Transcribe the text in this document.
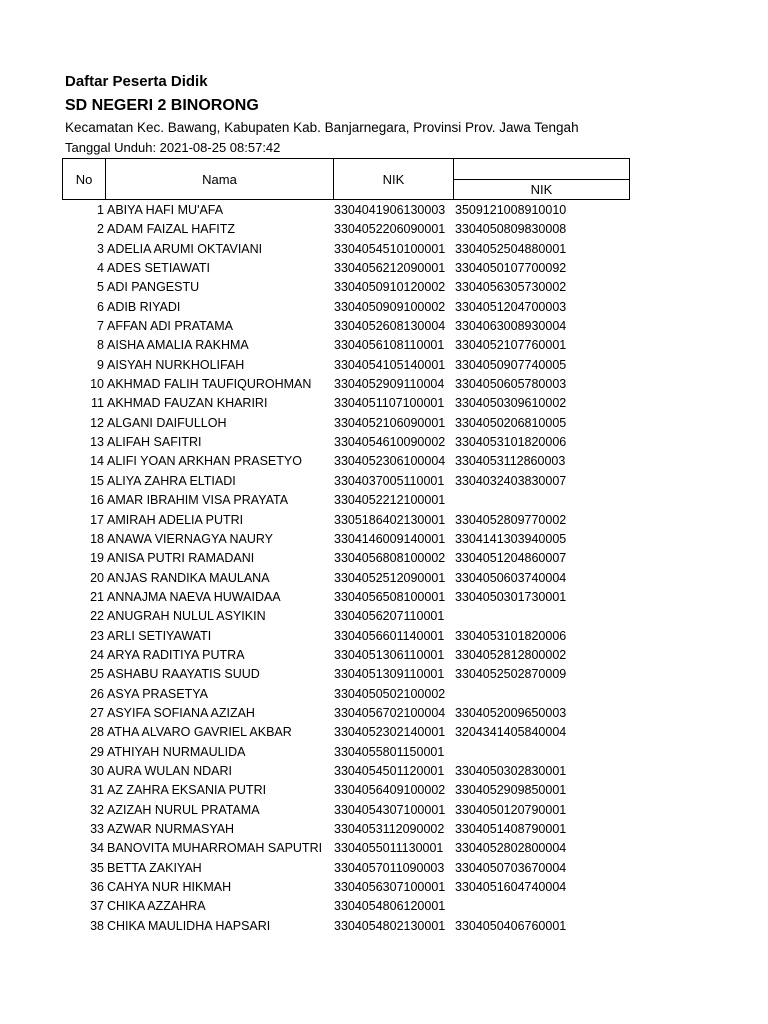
Daftar Peserta Didik
SD NEGERI 2 BINORONG
Kecamatan Kec. Bawang, Kabupaten Kab. Banjarnegara, Provinsi Prov. Jawa Tengah
Tanggal Unduh: 2021-08-25 08:57:42
No	Nama	NIK
NIK
1 ABIYA HAFI MU'AFA	3304041906130003 3509121008910010
2 ADAM FAIZAL HAFITZ	3304052206090001 3304050809830008
3 ADELIA ARUMI OKTAVIANI	3304054510100001 3304052504880001
4 ADES SETIAWATI	3304056212090001 3304050107700092
5 ADI PANGESTU	3304050910120002 3304056305730002
6 ADIB RIYADI	3304050909100002 3304051204700003
7 AFFAN ADI PRATAMA	3304052608130004 3304063008930004
8 AISHA AMALIA RAKHMA	3304056108110001 3304052107760001
9 AISYAH NURKHOLIFAH	3304054105140001 3304050907740005
10 AKHMAD FALIH TAUFIQUROHMAN 3304052909110004 3304050605780003
11 AKHMAD FAUZAN KHARIRI	3304051107100001 3304050309610002
12 ALGANI DAIFULLOH	3304052106090001 3304050206810005
13 ALIFAH SAFITRI	3304054610090002 3304053101820006
14 ALIFI YOAN ARKHAN PRASETYO	3304052306100004 3304053112860003
15 ALIYA ZAHRA ELTIADI	3304037005110001 3304032403830007
16 AMAR IBRAHIM VISA PRAYATA	3304052212100001
17 AMIRAH ADELIA PUTRI	3305186402130001 3304052809770002
18 ANAWA VIERNAGYA NAURY	3304146009140001 3304141303940005
19 ANISA PUTRI RAMADANI	3304056808100002 3304051204860007
20 ANJAS RANDIKA MAULANA	3304052512090001 3304050603740004
21 ANNAJMA NAEVA HUWAIDAA	3304056508100001 3304050301730001
22 ANUGRAH NULUL ASYIKIN	3304056207110001
23 ARLI SETIYAWATI	3304056601140001 3304053101820006
24 ARYA RADITIYA PUTRA	3304051306110001 3304052812800002
25 ASHABU RAAYATIS SUUD	3304051309110001 3304052502870009
26 ASYA PRASETYA	3304050502100002
27 ASYIFA SOFIANA AZIZAH	3304056702100004 3304052009650003
28 ATHA ALVARO GAVRIEL AKBAR	3304052302140001 3204341405840004
29 ATHIYAH NURMAULIDA	3304055801150001
30 AURA WULAN NDARI	3304054501120001 3304050302830001
31 AZ ZAHRA EKSANIA PUTRI	3304056409100002 3304052909850001
32 AZIZAH NURUL PRATAMA	3304054307100001 3304050120790001
33 AZWAR NURMASYAH	3304053112090002 3304051408790001
34 BANOVITA MUHARROMAH SAPUTRI 3304055011130001 3304052802800004
35 BETTA ZAKIYAH	3304057011090003 3304050703670004
36 CAHYA NUR HIKMAH	3304056307100001 3304051604740004
37 CHIKA AZZAHRA	3304054806120001
38 CHIKA MAULIDHA HAPSARI	3304054802130001 3304050406760001
